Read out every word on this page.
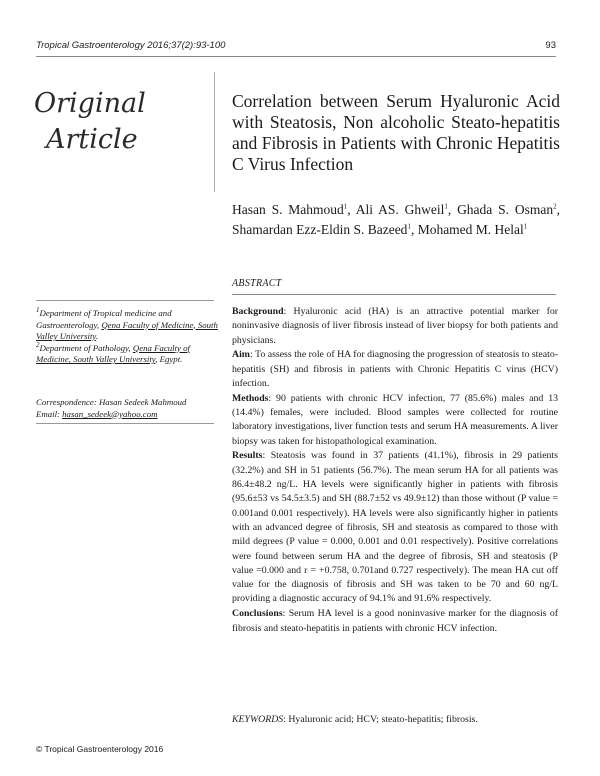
Tropical Gastroenterology 2016;37(2):93-100	93
Original
Article
Correlation between Serum Hyaluronic Acid with Steatosis, Non alcoholic Steato-hepatitis and Fibrosis in Patients with Chronic Hepatitis C Virus Infection
Hasan S. Mahmoud$^1$, Ali AS. Ghweil$^1$, Ghada S. Osman$^2$, Shamardan Ezz-Eldin S. Bazeed$^1$, Mohamed M. Helal$^1$
ABSTRACT

Background: Hyaluronic acid (HA) is an attractive potential marker for noninvasive diagnosis of liver fibrosis instead of liver biopsy for both patients and physicians.

Aim: To assess the role of HA for diagnosing the progression of steatosis to steato-hepatitis (SH) and fibrosis in patients with Chronic Hepatitis C virus (HCV) infection.

Methods: 90 patients with chronic HCV infection, 77 (85.6%) males and 13 (14.4%) females, were included. Blood samples were collected for routine laboratory investigations, liver function tests and serum HA measurements. A liver biopsy was taken for histopathological examination.

Results: Steatosis was found in 37 patients (41.1%), fibrosis in 29 patients (32.2%) and SH in 51 patients (56.7%). The mean serum HA for all patients was 86.4±48.2 ng/L. HA levels were significantly higher in patients with fibrosis (95.6±53 vs 54.5±3.5) and SH (88.7±52 vs 49.9±12) than those without (P value = 0.001and 0.001 respectively). HA levels were also significantly higher in patients with an advanced degree of fibrosis, SH and steatosis as compared to those with mild degrees (P value = 0.000, 0.001 and 0.01 respectively). Positive correlations were found between serum HA and the degree of fibrosis, SH and steatosis (P value =0.000 and r = +0.758, 0.701and 0.727 respectively). The mean HA cut off value for the diagnosis of fibrosis and SH was taken to be 70 and 60 ng/L providing a diagnostic accuracy of 94.1% and 91.6% respectively.

Conclusions: Serum HA level is a good noninvasive marker for the diagnosis of fibrosis and steato-hepatitis in patients with chronic HCV infection.

KEYWORDS: Hyaluronic acid; HCV; steato-hepatitis; fibrosis.
$^1$Department of Tropical medicine and Gastroenterology, Qena Faculty of Medicine, South Valley University.
$^2$Department of Pathology, Qena Faculty of Medicine, South Valley University, Egypt.
Correspondence: Hasan Sedeek Mahmoud
Email: hasan_sedeek@yahoo.com
© Tropical Gastroenterology 2016
